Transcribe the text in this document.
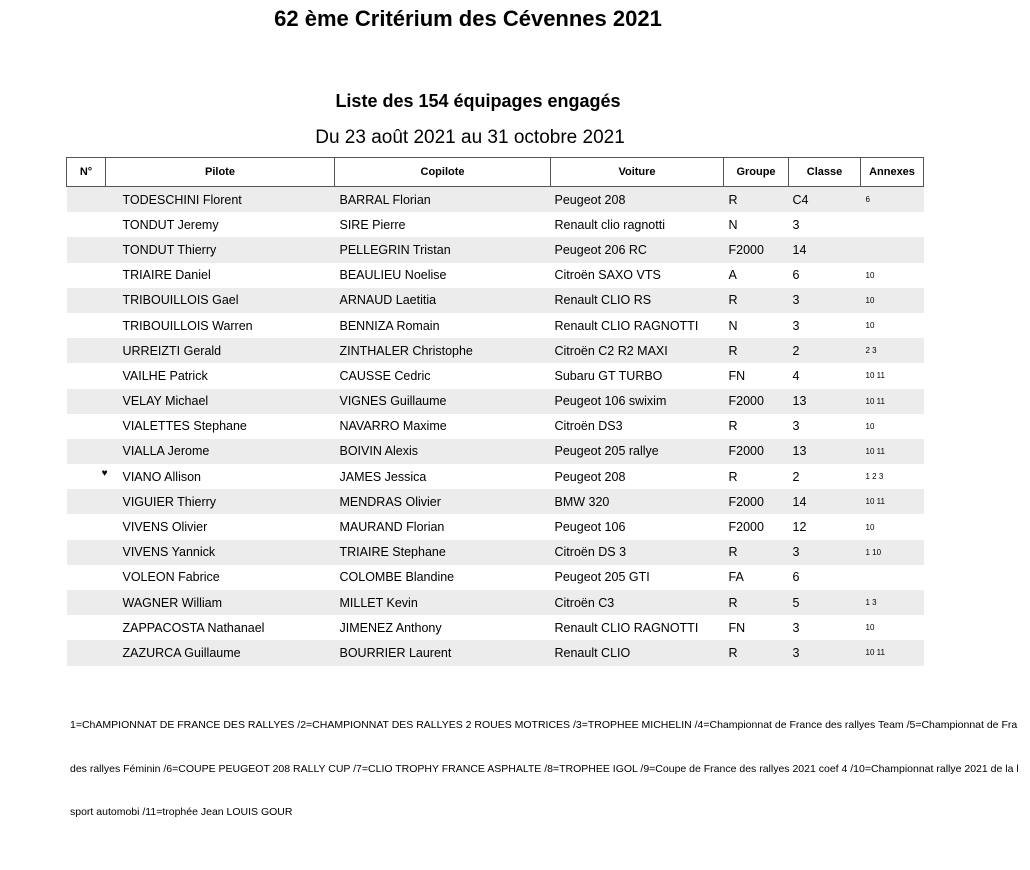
62 ème Critérium des Cévennes 2021
Liste des 154 équipages engagés
Du 23 août 2021 au 31 octobre 2021
N°	Pilote	Copilote	Voiture	Groupe	Classe	Annexes

	TODESCHINI Florent	BARRAL Florian	Peugeot 208	R	C4	6

	TONDUT Jeremy	SIRE Pierre	Renault clio ragnotti	N	3	

	TONDUT Thierry	PELLEGRIN Tristan	Peugeot 206 RC	F2000	14	

	TRIAIRE Daniel	BEAULIEU Noelise	Citroën SAXO VTS	A	6	10

	TRIBOUILLOIS Gael	ARNAUD Laetitia	Renault CLIO RS	R	3	10

	TRIBOUILLOIS Warren	BENNIZA Romain	Renault CLIO RAGNOTTI	N	3	10

	URREIZTI Gerald	ZINTHALER Christophe	Citroën C2 R2 MAXI	R	2	2 3

	VAILHE Patrick	CAUSSE Cedric	Subaru GT TURBO	FN	4	10 11

	VELAY Michael	VIGNES Guillaume	Peugeot 106 swixim	F2000	13	10 11

	VIALETTES Stephane	NAVARRO Maxime	Citroën DS3	R	3	10

	VIALLA Jerome	BOIVIN Alexis	Peugeot 205 rallye	F2000	13	10 11

♥	VIANO Allison	JAMES Jessica	Peugeot 208	R	2	1 2 3

	VIGUIER Thierry	MENDRAS Olivier	BMW 320	F2000	14	10 11

	VIVENS Olivier	MAURAND Florian	Peugeot 106	F2000	12	10

	VIVENS Yannick	TRIAIRE Stephane	Citroën DS 3	R	3	1 10

	VOLEON Fabrice	COLOMBE Blandine	Peugeot 205 GTI	FA	6	

	WAGNER William	MILLET Kevin	Citroën C3	R	5	1 3

	ZAPPACOSTA Nathanael	JIMENEZ Anthony	Renault CLIO RAGNOTTI	FN	3	10

	ZAZURCA Guillaume	BOURRIER Laurent	Renault CLIO	R	3	10 11

1=ChAMPIONNAT DE FRANCE DES RALLYES /2=CHAMPIONNAT DES RALLYES 2 ROUES MOTRICES /3=TROPHEE MICHELIN /4=Championnat de France des rallyes Team /5=Championnat de Fra

des rallyes Féminin /6=COUPE PEUGEOT 208 RALLY CUP /7=CLIO TROPHY FRANCE ASPHALTE /8=TROPHEE IGOL /9=Coupe de France des rallyes 2021 coef 4 /10=Championnat rallye 2021 de la l

sport automobi /11=trophée Jean LOUIS GOUR
